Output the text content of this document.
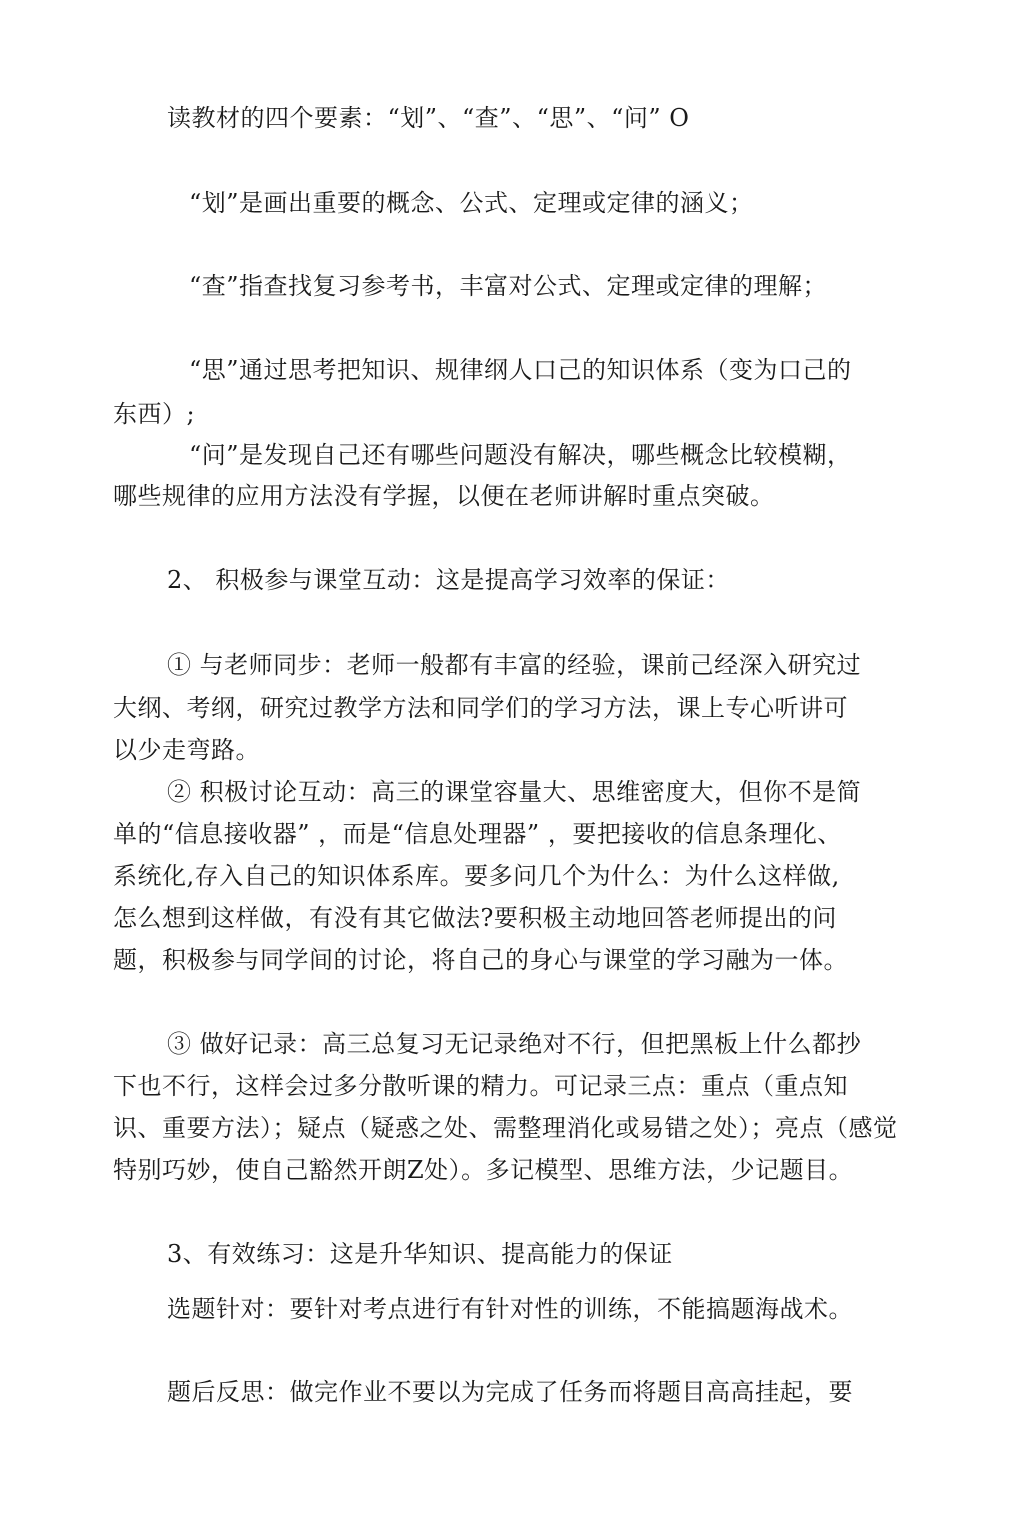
读教材的四个要素：“划”、“查”、“思”、“问” O
“划”是画出重要的概念、公式、定理或定律的涵义；
“查”指查找复习参考书，丰富对公式、定理或定律的理解；
“思”通过思考把知识、规律纲人口己的知识体系（变为口己的
东西）;
“问”是发现自己还有哪些问题没有解决，哪些概念比较模糊，
哪些规律的应用方法没有学握，以便在老师讲解时重点突破。
2、 积极参与课堂互动：这是提高学习效率的保证：
① 与老师同步：老师一般都有丰富的经验，课前己经深入研究过
大纲、考纲，研究过教学方法和同学们的学习方法，课上专心听讲可
以少走弯路。
② 积极讨论互动：高三的课堂容量大、思维密度大，但你不是简
单的“信息接收器” ，而是“信息处理器” ，要把接收的信息条理化、
系统化,存入自己的知识体系库。要多问几个为什么：为什么这样做,
怎么想到这样做，有没有其它做法?要积极主动地回答老师提出的问
题，积极参与同学间的讨论，将自己的身心与课堂的学习融为一体。
③ 做好记录：高三总复习无记录绝对不行，但把黑板上什么都抄
下也不行，这样会过多分散听课的精力。可记录三点：重点（重点知
识、重要方法）；疑点（疑惑之处、需整理消化或易错之处）；亮点（感觉
特别巧妙，使自己豁然开朗Z处）。多记模型、思维方法，少记题目。
3、有效练习：这是升华知识、提高能力的保证
选题针对：要针对考点进行有针对性的训练，不能搞题海战术。
题后反思：做完作业不要以为完成了任务而将题目高高挂起，要
